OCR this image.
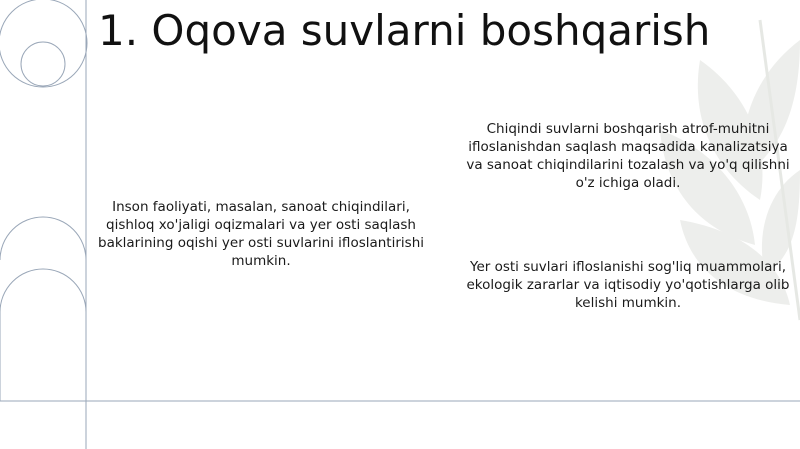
1. Oqova suvlarni boshqarish

Inson faoliyati, masalan, sanoat chiqindilari, qishloq xo'jaligi oqizmalari va yer osti saqlash baklarining oqishi yer osti suvlarini ifloslantirishi mumkin.

Chiqindi suvlarni boshqarish atrof-muhitni ifloslanishdan saqlash maqsadida kanalizatsiya va sanoat chiqindilarini tozalash va yo'q qilishni o'z ichiga oladi.

Yer osti suvlari ifloslanishi sog'liq muammolari, ekologik zararlar va iqtisodiy yo'qotishlarga olib kelishi mumkin.
